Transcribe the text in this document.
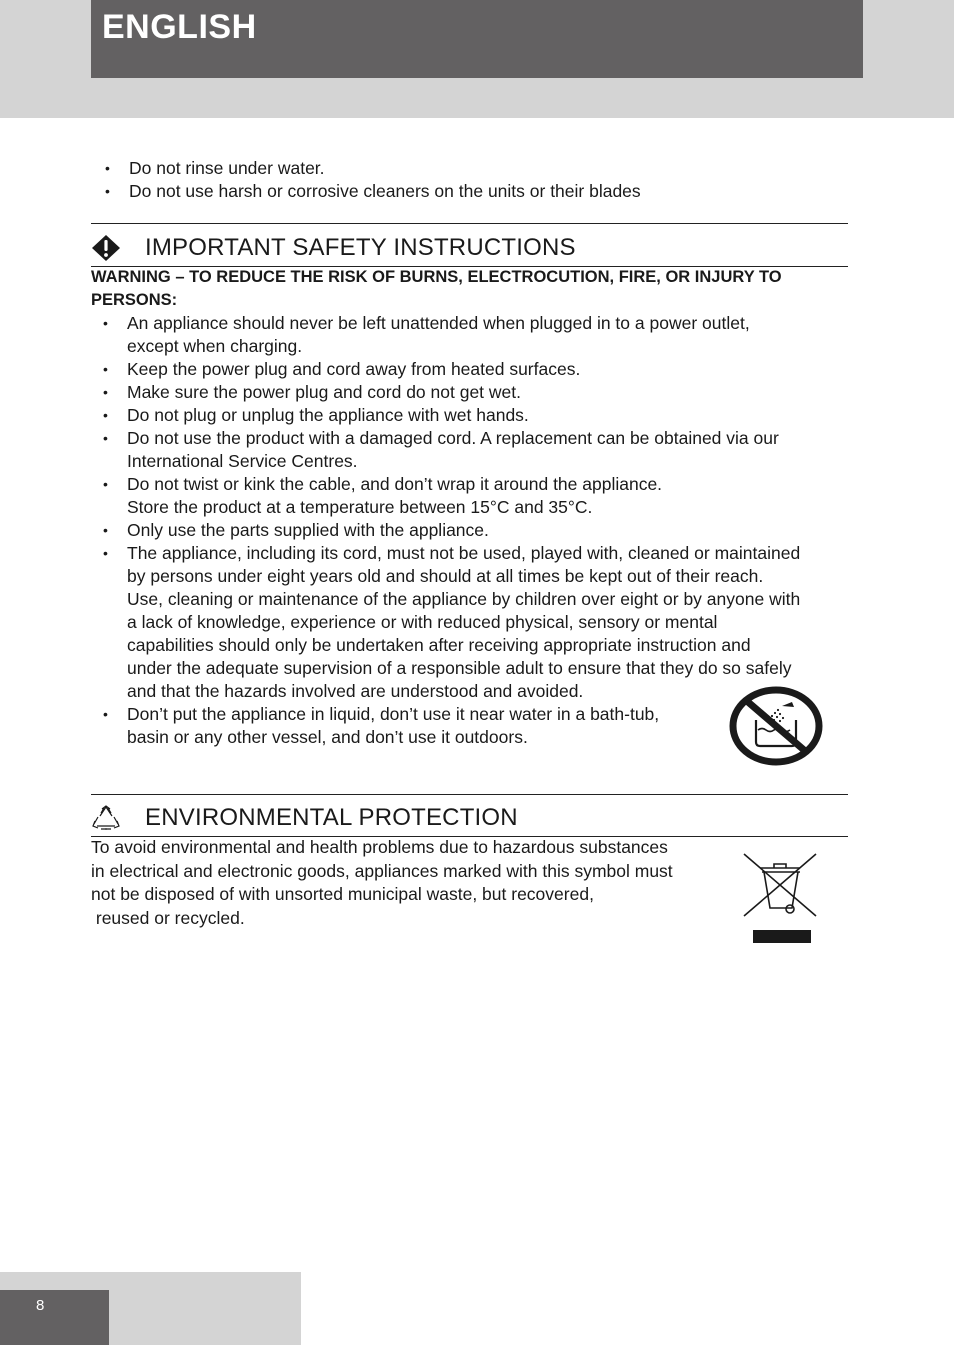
ENGLISH
• Do not rinse under water.
• Do not use harsh or corrosive cleaners on the units or their blades
IMPORTANT SAFETY INSTRUCTIONS
WARNING – TO REDUCE THE RISK OF BURNS, ELECTROCUTION, FIRE, OR INJURY TO
PERSONS:
• An appliance should never be left unattended when plugged in to a power outlet,
except when charging.
• Keep the power plug and cord away from heated surfaces.
• Make sure the power plug and cord do not get wet.
• Do not plug or unplug the appliance with wet hands.
• Do not use the product with a damaged cord. A replacement can be obtained via our
International Service Centres.
• Do not twist or kink the cable, and don’t wrap it around the appliance.
Store the product at a temperature between 15°C and 35°C.
• Only use the parts supplied with the appliance.
• The appliance, including its cord, must not be used, played with, cleaned or maintained
by persons under eight years old and should at all times be kept out of their reach.
Use, cleaning or maintenance of the appliance by children over eight or by anyone with
a lack of knowledge, experience or with reduced physical, sensory or mental
capabilities should only be undertaken after receiving appropriate instruction and
under the adequate supervision of a responsible adult to ensure that they do so safely
and that the hazards involved are understood and avoided.
• Don’t put the appliance in liquid, don’t use it near water in a bath-tub,
basin or any other vessel, and don’t use it outdoors.
ENVIRONMENTAL PROTECTION
To avoid environmental and health problems due to hazardous substances
in electrical and electronic goods, appliances marked with this symbol must
not be disposed of with unsorted municipal waste, but recovered,
reused or recycled.
8
